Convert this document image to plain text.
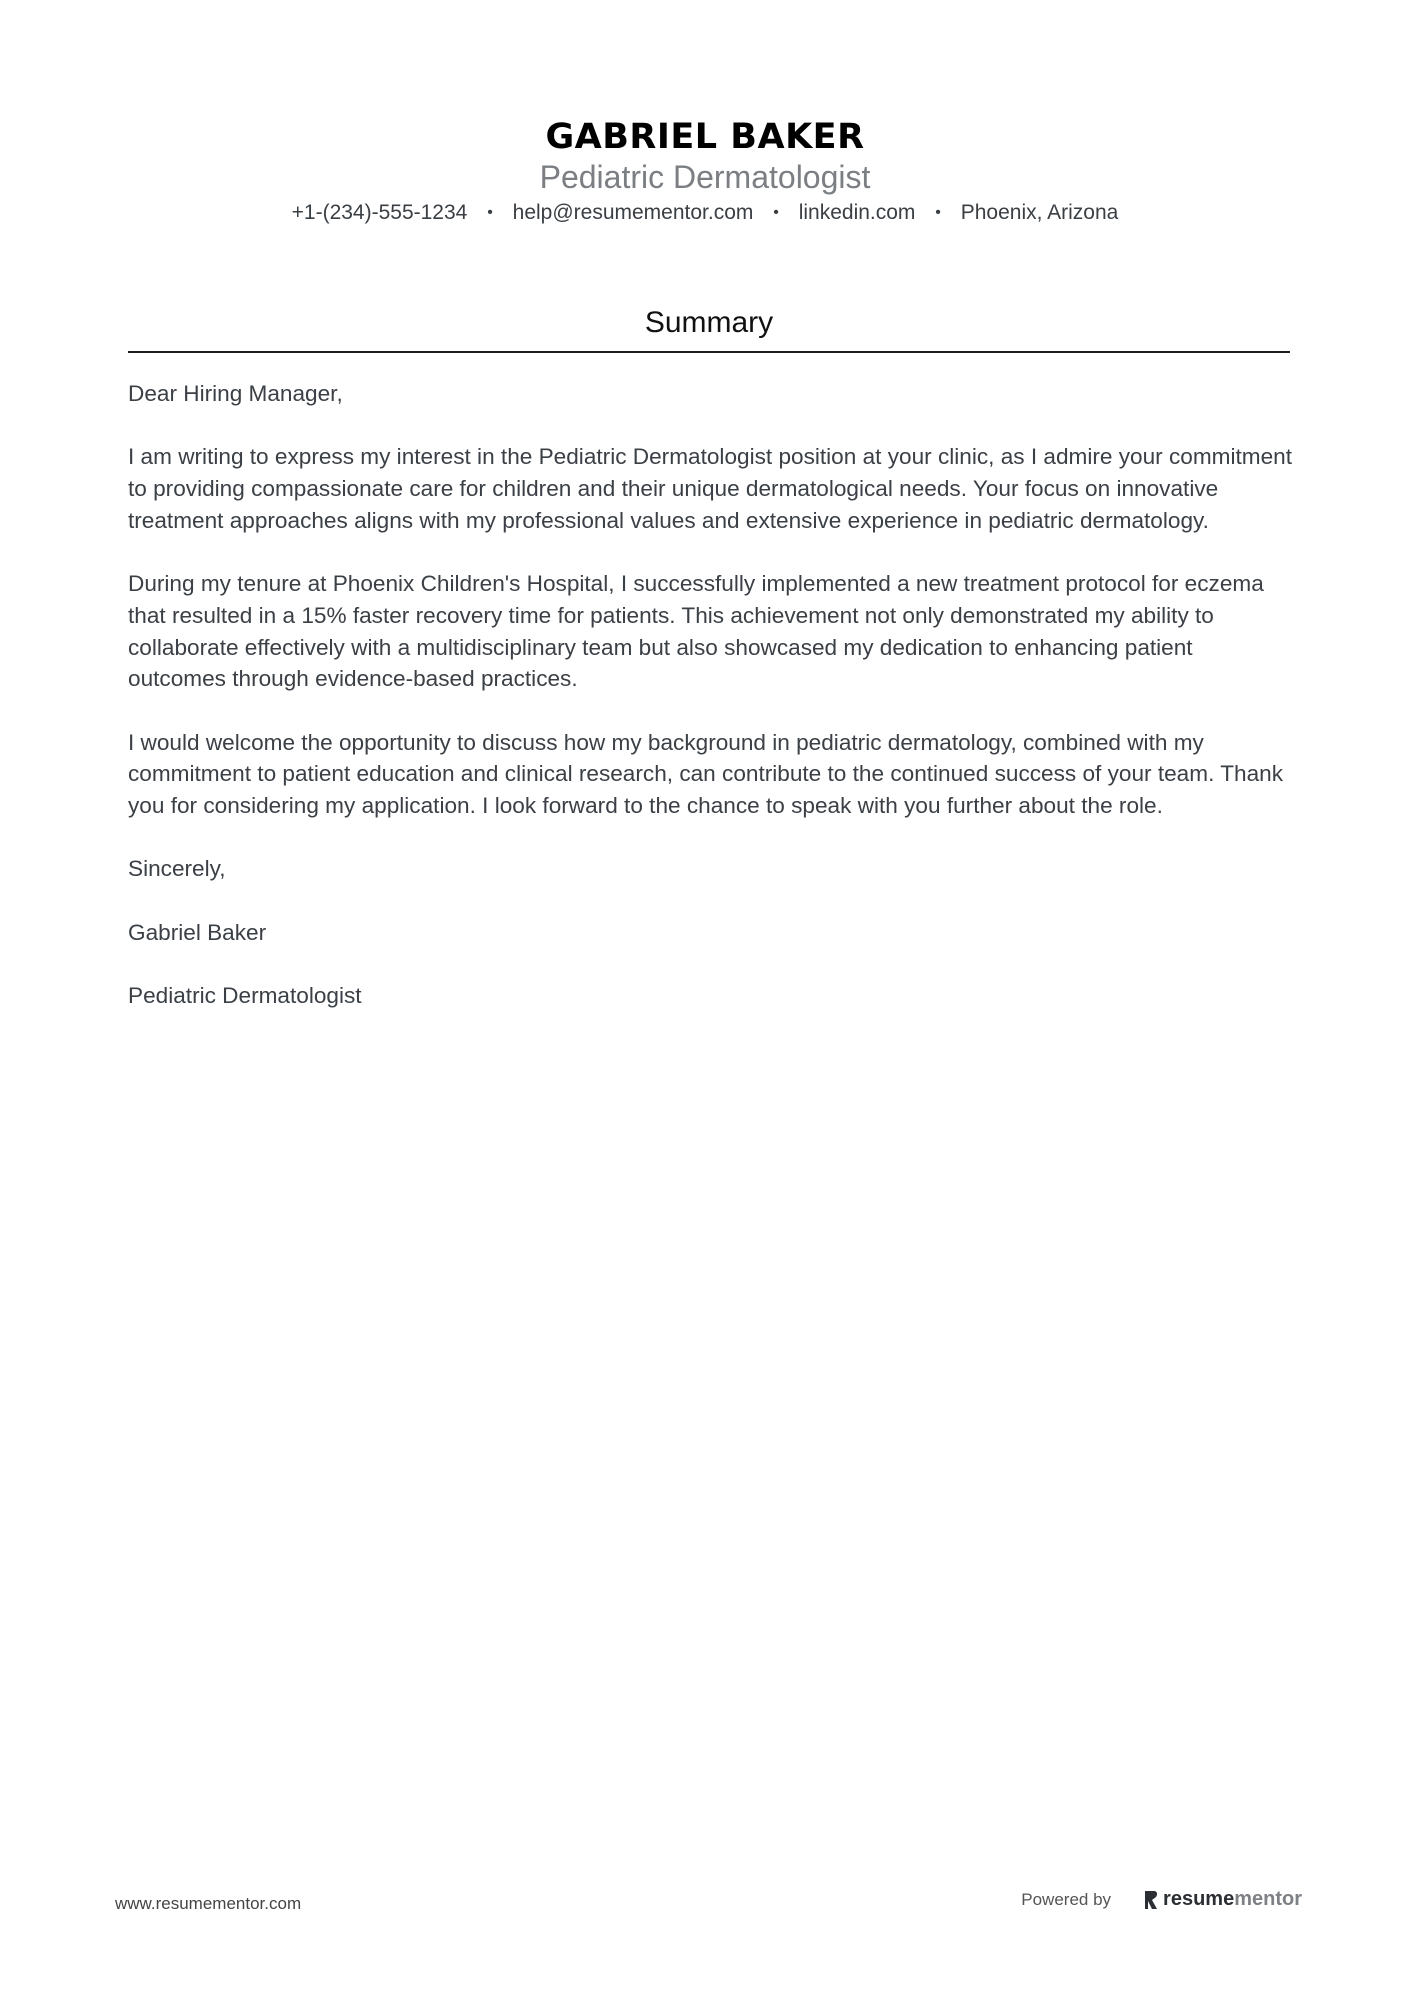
GABRIEL BAKER
Pediatric Dermatologist
+1-(234)-555-1234 • help@resumementor.com • linkedin.com • Phoenix, Arizona
Summary

Dear Hiring Manager,

I am writing to express my interest in the Pediatric Dermatologist position at your clinic, as I admire your commitment to providing compassionate care for children and their unique dermatological needs. Your focus on innovative treatment approaches aligns with my professional values and extensive experience in pediatric dermatology.

During my tenure at Phoenix Children's Hospital, I successfully implemented a new treatment protocol for eczema that resulted in a 15% faster recovery time for patients. This achievement not only demonstrated my ability to collaborate effectively with a multidisciplinary team but also showcased my dedication to enhancing patient outcomes through evidence-based practices.

I would welcome the opportunity to discuss how my background in pediatric dermatology, combined with my commitment to patient education and clinical research, can contribute to the continued success of your team. Thank you for considering my application. I look forward to the chance to speak with you further about the role.

Sincerely,

Gabriel Baker

Pediatric Dermatologist

www.resumementor.com	Powered by	resume mentor
